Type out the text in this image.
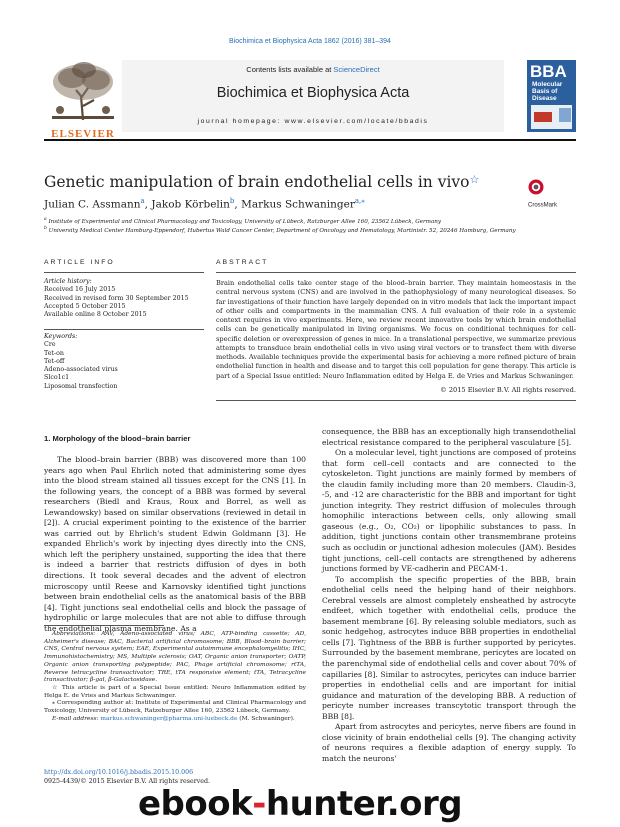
Biochimica et Biophysica Acta 1862 (2016) 381–394
ELSEVIER
Contents lists available at ScienceDirect
Biochimica et Biophysica Acta
journal homepage: www.elsevier.com/locate/bbadis
BBA
Molecular
Basis of
Disease

Genetic manipulation of brain endothelial cells in vivo☆
CrossMark
Julian C. Assmann$^a$, Jakob Körbelin$^b$, Markus Schwaninger$^{a,⁎}$
$^a$ Institute of Experimental and Clinical Pharmacology and Toxicology, University of Lübeck, Ratzburger Allee 160, 23562 Lübeck, Germany
$^b$ University Medical Center Hamburg-Eppendorf, Hubertus Wald Cancer Center, Department of Oncology and Hematology, Martinistr. 52, 20246 Hamburg, Germany
ARTICLE INFO
Article history:
Received 16 July 2015
Received in revised form 30 September 2015
Accepted 5 October 2015
Available online 8 October 2015
Keywords:
Cre
Tet-on
Tet-off
Adeno-associated virus
Slco1c1
Liposomal transfection
ABSTRACT
Brain endothelial cells take center stage of the blood–brain barrier. They maintain homeostasis in the central nervous system (CNS) and are involved in the pathophysiology of many neurological diseases. So far investigations of their function have largely depended on in vitro models that lack the important impact of other cells and compartments in the mammalian CNS. A full evaluation of their role in a systemic context requires in vivo experiments. Here, we review recent innovative tools by which brain endothelial cells can be genetically manipulated in living organisms. We focus on conditional techniques for cell-specific deletion or overexpression of genes in mice. In a translational perspective, we summarize previous attempts to transduce brain endothelial cells in vivo using viral vectors or to transfect them with diverse methods. Available techniques provide the experimental basis for achieving a more refined picture of brain endothelial function in health and disease and to target this cell population for gene therapy. This article is part of a Special Issue entitled: Neuro Inflammation edited by Helga E. de Vries and Markus Schwaninger.
© 2015 Elsevier B.V. All rights reserved.
1. Morphology of the blood–brain barrier

The blood–brain barrier (BBB) was discovered more than 100 years ago when Paul Ehrlich noted that administering some dyes into the blood stream stained all tissues except for the CNS [1]. In the following years, the concept of a BBB was formed by several researchers (Biedl and Kraus, Roux and Borrel, as well as Lewandowsky) based on similar observations (reviewed in detail in [2]). A crucial experiment pointing to the existence of the barrier was carried out by Ehrlich's student Edwin Goldmann [3]. He expanded Ehrlich's work by injecting dyes directly into the CNS, which left the periphery unstained, supporting the idea that there is indeed a barrier that restricts diffusion of dyes in both directions. It took several decades and the advent of electron microscopy until Reese and Karnovsky identified tight junctions between brain endothelial cells as the anatomical basis of the BBB [4]. Tight junctions seal endothelial cells and block the passage of hydrophilic or large molecules that are not able to diffuse through the endothelial plasma membrane. As a

Abbreviations: AAV, Adeno-associated virus; ABC, ATP-binding cassette; AD, Alzheimer's disease; BAC, Bacterial artificial chromosome; BBB, Blood–brain barrier; CNS, Central nervous system; EAE, Experimental autoimmune encephalomyelitis; IHC, Immunohistochemistry; MS, Multiple sclerosis; OAT, Organic anion transporter; OATP, Organic anion transporting polypeptide; PAC, Phage artificial chromosome; rtTA, Reverse tetracycline transactivator; TRE, tTA responsive element; tTA, Tetracycline transactivator; β-gal, β-Galactosidase.

☆ This article is part of a Special Issue entitled: Neuro Inflammation edited by Helga E. de Vries and Markus Schwaninger.

⁎ Corresponding author at: Institute of Experimental and Clinical Pharmacology and Toxicology, University of Lübeck, Ratzeburger Allee 160, 23562 Lübeck, Germany.

E-mail address: markus.schwaninger@pharma.uni-luebeck.de (M. Schwaninger).

consequence, the BBB has an exceptionally high transendothelial electrical resistance compared to the peripheral vasculature [5].

On a molecular level, tight junctions are composed of proteins that form cell–cell contacts and are connected to the cytoskeleton. Tight junctions are mainly formed by members of the claudin family including more than 20 members. Claudin-3, -5, and -12 are characteristic for the BBB and important for tight junction integrity. They restrict diffusion of molecules through homophilic interactions between cells, only allowing small gaseous (e.g., O₂, CO₂) or lipophilic substances to pass. In addition, tight junctions contain other transmembrane proteins such as occludin or junctional adhesion molecules (JAM). Besides tight junctions, cell–cell contacts are strengthened by adherens junctions formed by VE-cadherin and PECAM-1.

To accomplish the specific properties of the BBB, brain endothelial cells need the helping hand of their neighbors. Cerebral vessels are almost completely ensheathed by astrocyte endfeet, which together with endothelial cells, produce the basement membrane [6]. By releasing soluble mediators, such as sonic hedgehog, astrocytes induce BBB properties in endothelial cells [7]. Tightness of the BBB is further supported by pericytes. Surrounded by the basement membrane, pericytes are located on the parenchymal side of endothelial cells and cover about 70% of capillaries [8]. Similar to astrocytes, pericytes can induce barrier properties in endothelial cells and are important for initial guidance and maturation of the developing BBB. A reduction of pericyte number increases transcytotic transport through the BBB [8].

Apart from astrocytes and pericytes, nerve fibers are found in close vicinity of brain endothelial cells [9]. The changing activity of neurons requires a flexible adaption of energy supply. To match the neurons'

http://dx.doi.org/10.1016/j.bbadis.2015.10.006
0925-4439/© 2015 Elsevier B.V. All rights reserved.
ebook-hunter.org
